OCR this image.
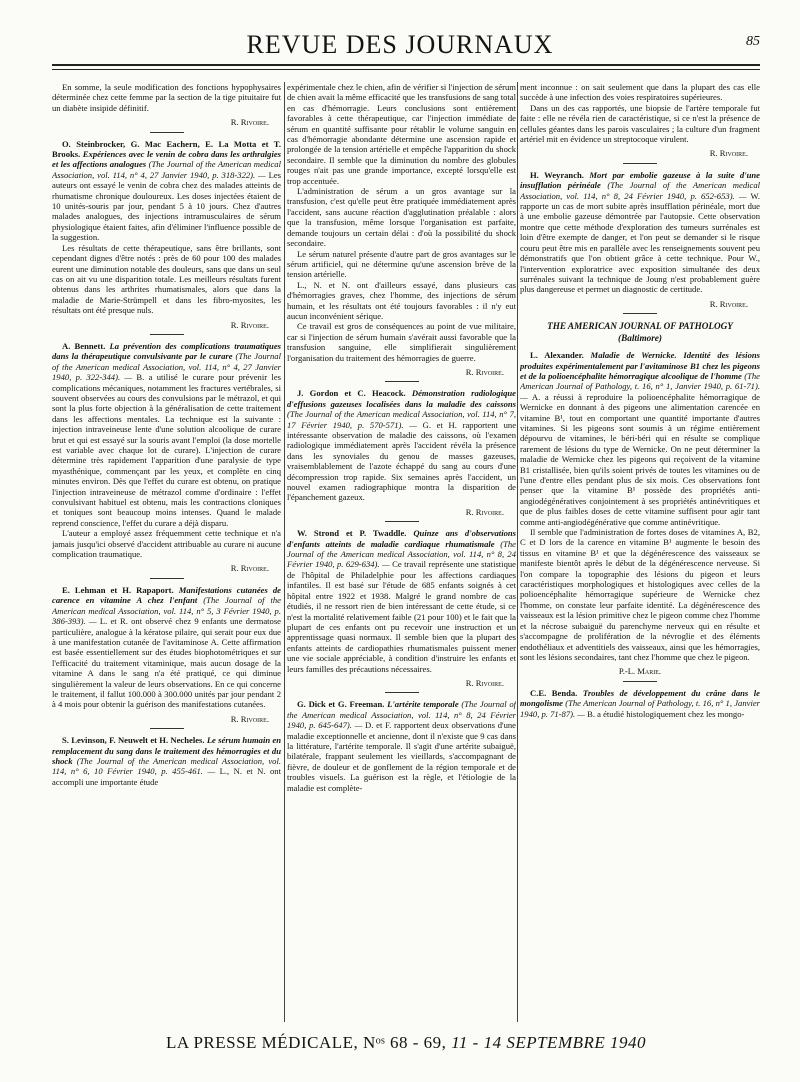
REVUE DES JOURNAUX	85

En somme, la seule modification des fonctions hypophysaires déterminée chez cette femme par la section de la tige pituitaire fut un diabète insipide définitif.

R. Rivoire.

O. Steinbrocker, G. Mac Eachern, E. La Motta et T. Brooks. Expériences avec le venin de cobra dans les arthralgies et les affections analogues (The Journal of the American medical Association, vol. 114, n° 4, 27 Janvier 1940, p. 318-322). — Les auteurs ont essayé le venin de cobra chez des malades atteints de rhumatisme chronique douloureux. Les doses injectées étaient de 10 unités-souris par jour, pendant 5 à 10 jours. Chez d'autres malades analogues, des injections intramusculaires de sérum physiologique étaient faites, afin d'éliminer l'influence possible de la suggestion.

Les résultats de cette thérapeutique, sans être brillants, sont cependant dignes d'être notés : près de 60 pour 100 des malades eurent une diminution notable des douleurs, sans que dans un seul cas on ait vu une disparition totale. Les meilleurs résultats furent obtenus dans les arthrites rhumatismales, alors que dans la maladie de Marie-Strümpell et dans les fibro-myosites, les résultats ont été presque nuls.

R. Rivoire.

A. Bennett. La prévention des complications traumatiques dans la thérapeutique convulsivante par le curare (The Journal of the American medical Association, vol. 114, n° 4, 27 Janvier 1940, p. 322-344). — B. a utilisé le curare pour prévenir les complications mécaniques, notamment les fractures vertébrales, si souvent observées au cours des convulsions par le métrazol, et qui sont la plus forte objection à la généralisation de cette traitement dans les affections mentales. La technique est la suivante : injection intraveineuse lente d'une solution alcoolique de curare brut et qui est essayé sur la souris avant l'emploi (la dose mortelle est variable avec chaque lot de curare). L'injection de curare détermine très rapidement l'apparition d'une paralysie de type myasthénique, commençant par les yeux, et complète en cinq minutes environ. Dès que l'effet du curare est obtenu, on pratique l'injection intraveineuse de métrazol comme d'ordinaire : l'effet convulsivant habituel est obtenu, mais les contractions cloniques et toniques sont beaucoup moins intenses. Quand le malade reprend conscience, l'effet du curare a déjà disparu.

L'auteur a employé assez fréquemment cette technique et n'a jamais jusqu'ici observé d'accident attribuable au curare ni aucune complication traumatique.

R. Rivoire.

E. Lehman et H. Rapaport. Manifestations cutanées de carence en vitamine A chez l'enfant (The Journal of the American medical Association, vol. 114, n° 5, 3 Février 1940, p. 386-393). — L. et R. ont observé chez 9 enfants une dermatose particulière, analogue à la kératose pilaire, qui serait pour eux due à une manifestation cutanée de l'avitaminose A. Cette affirmation est basée essentiellement sur des études biophotométriques et sur l'efficacité du traitement vitaminique, mais aucun dosage de la vitamine A dans le sang n'a été pratiqué, ce qui diminue singulièrement la valeur de leurs observations. En ce qui concerne le traitement, il fallut 100.000 à 300.000 unités par jour pendant 2 à 4 mois pour obtenir la guérison des manifestations cutanées.

R. Rivoire.

S. Levinson, F. Neuwelt et H. Necheles. Le sérum humain en remplacement du sang dans le traitement des hémorragies et du shock (The Journal of the American medical Association, vol. 114, n° 6, 10 Février 1940, p. 455-461. — L., N. et N. ont accompli une importante étude

expérimentale chez le chien, afin de vérifier si l'injection de sérum de chien avait la même efficacité que les transfusions de sang total en cas d'hémorragie. Leurs conclusions sont entièrement favorables à cette thérapeutique, car l'injection immédiate de sérum en quantité suffisante pour rétablir le volume sanguin en cas d'hémorragie abondante détermine une ascension rapide et prolongée de la tension artérielle et empêche l'apparition du shock secondaire. Il semble que la diminution du nombre des globules rouges n'ait pas une grande importance, excepté lorsqu'elle est trop accentuée.

L'administration de sérum a un gros avantage sur la transfusion, c'est qu'elle peut être pratiquée immédiatement après l'accident, sans aucune réaction d'agglutination préalable : alors que la transfusion, même lorsque l'organisation est parfaite, demande toujours un certain délai : d'où la possibilité du shock secondaire.

Le sérum naturel présente d'autre part de gros avantages sur le sérum artificiel, qui ne détermine qu'une ascension brève de la tension artérielle.

L., N. et N. ont d'ailleurs essayé, dans plusieurs cas d'hémorragies graves, chez l'homme, des injections de sérum humain, et les résultats ont été toujours favorables : il n'y eut aucun inconvénient sérique.

Ce travail est gros de conséquences au point de vue militaire, car si l'injection de sérum humain s'avérait aussi favorable que la transfusion sanguine, elle simplifierait singulièrement l'organisation du traitement des hémorragies de guerre.

R. Rivoire.

J. Gordon et C. Heacock. Démonstration radiologique d'effusions gazeuses localisées dans la maladie des caissons (The Journal of the American medical Association, vol. 114, n° 7, 17 Février 1940, p. 570-571). — G. et H. rapportent une intéressante observation de maladie des caissons, où l'examen radiologique immédiatement après l'accident révéla la présence dans les synoviales du genou de masses gazeuses, vraisemblablement de l'azote échappé du sang au cours d'une décompression trop rapide. Six semaines après l'accident, un nouvel examen radiographique montra la disparition de l'épanchement gazeux.

R. Rivoire.

W. Strond et P. Twaddle. Quinze ans d'observations d'enfants atteints de maladie cardiaque rhumatismale (The Journal of the American medical Association, vol. 114, n° 8, 24 Février 1940, p. 629-634). — Ce travail représente une statistique de l'hôpital de Philadelphie pour les affections cardiaques infantiles. Il est basé sur l'étude de 685 enfants soignés à cet hôpital entre 1922 et 1938. Malgré le grand nombre de cas étudiés, il ne ressort rien de bien intéressant de cette étude, si ce n'est la mortalité relativement faible (21 pour 100) et le fait que la plupart de ces enfants ont pu recevoir une instruction et un apprentissage quasi normaux. Il semble bien que la plupart des enfants atteints de cardiopathies rhumatismales puissent mener une vie sociale appréciable, à condition d'instruire les enfants et leurs familles des précautions nécessaires.

R. Rivoire.

G. Dick et G. Freeman. L'artérite temporale (The Journal of the American medical Association, vol. 114, n° 8, 24 Février 1940, p. 645-647). — D. et F. rapportent deux observations d'une maladie exceptionnelle et ancienne, dont il n'existe que 9 cas dans la littérature, l'artérite temporale. Il s'agit d'une artérite subaiguë, bilatérale, frappant seulement les vieillards, s'accompagnant de fièvre, de douleur et de gonflement de la région temporale et de troubles visuels. La guérison est la règle, et l'étiologie de la maladie est complète-

ment inconnue : on sait seulement que dans la plupart des cas elle succède à une infection des voies respiratoires supérieures.

Dans un des cas rapportés, une biopsie de l'artère temporale fut faite : elle ne révéla rien de caractéristique, si ce n'est la présence de cellules géantes dans les parois vasculaires ; la culture d'un fragment artériel mit en évidence un streptocoque virulent.

R. Rivoire.

H. Weyranch. Mort par embolie gazeuse à la suite d'une insufflation périnéale (The Journal of the American medical Association, vol. 114, n° 8, 24 Février 1940, p. 652-653). — W. rapporte un cas de mort subite après insufflation périnéale, mort due à une embolie gazeuse démontrée par l'autopsie. Cette observation montre que cette méthode d'exploration des tumeurs surrénales est loin d'être exempte de danger, et l'on peut se demander si le risque couru peut être mis en parallèle avec les renseignements souvent peu démonstratifs que l'on obtient grâce à cette technique. Pour W., l'intervention exploratrice avec exposition simultanée des deux surrénales suivant la technique de Joung n'est probablement guère plus dangereuse et permet un diagnostic de certitude.

R. Rivoire.

THE AMERICAN JOURNAL OF PATHOLOGY

(Baltimore)

L. Alexander. Maladie de Wernicke. Identité des lésions produites expérimentalement par l'avitaminose B1 chez les pigeons et de la polioencéphalite hémorragique alcoolique de l'homme (The American Journal of Pathology, t. 16, n° 1, Janvier 1940, p. 61-71). — A. a réussi à reproduire la polioencéphalite hémorragique de Wernicke en donnant à des pigeons une alimentation carencée en vitamine B¹, tout en comportant une quantité importante d'autres vitamines. Si les pigeons sont soumis à un régime entièrement dépourvu de vitamines, le béri-béri qui en résulte se complique rarement de lésions du type de Wernicke. On ne peut déterminer la maladie de Wernicke chez les pigeons qui reçoivent de la vitamine B1 cristallisée, bien qu'ils soient privés de toutes les vitamines ou de l'une d'entre elles pendant plus de six mois. Ces observations font penser que la vitamine B¹ possède des propriétés anti-angiodégénératives conjointement à ses propriétés antinévritiques et que de plus faibles doses de cette vitamine suffisent pour agir tant comme anti-angiodégénérative que comme antinévritique.

Il semble que l'administration de fortes doses de vitamines A, B2, C et D lors de la carence en vitamine B¹ augmente le besoin des tissus en vitamine B¹ et que la dégénérescence des vaisseaux se manifeste bientôt après le début de la dégénérescence nerveuse. Si l'on compare la topographie des lésions du pigeon et leurs caractéristiques morphologiques et histologiques avec celles de la polioencéphalite hémorragique supérieure de Wernicke chez l'homme, on constate leur parfaite identité. La dégénérescence des vaisseaux est la lésion primitive chez le pigeon comme chez l'homme et la nécrose subaiguë du parenchyme nerveux qui en résulte et s'accompagne de prolifération de la névroglie et des éléments endothéliaux et adventitiels des vaisseaux, ainsi que les hémorragies, sont les lésions secondaires, tant chez l'homme que chez le pigeon.

P.-L. Marie.

C.E. Benda. Troubles de développement du crâne dans le mongolisme (The American Journal of Pathology, t. 16, n° 1, Janvier 1940, p. 71-87). — B. a étudié histologiquement chez les mongo-

LA PRESSE MÉDICALE, Nᵒˢ 68 - 69, 11 - 14 SEPTEMBRE 1940
